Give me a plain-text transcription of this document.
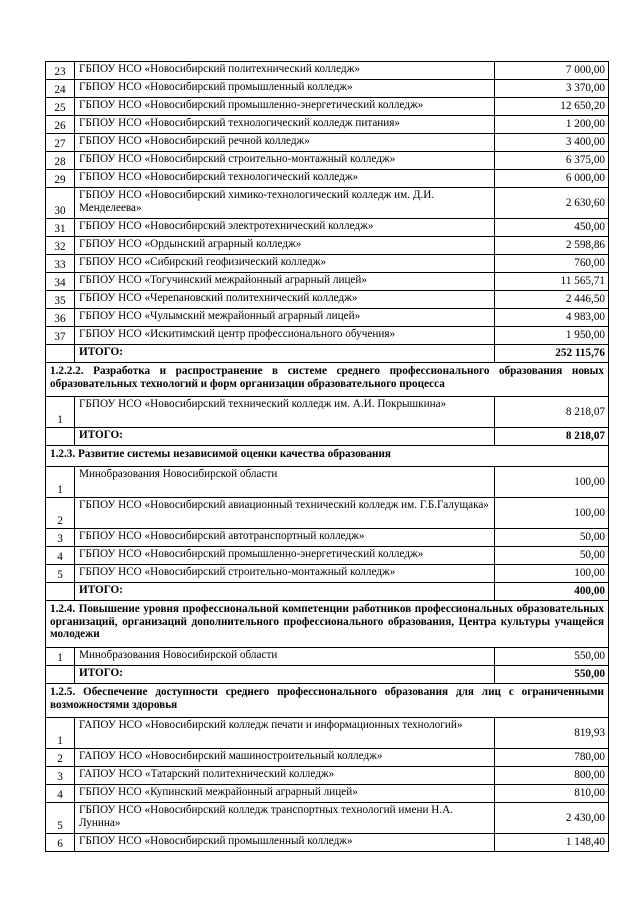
23	ГБПОУ НСО «Новосибирский политехнический колледж»	7 000,00
24	ГБПОУ НСО «Новосибирский промышленный колледж»	3 370,00
25	ГБПОУ НСО «Новосибирский промышленно-энергетический колледж»	12 650,20
26	ГБПОУ НСО «Новосибирский технологический колледж питания»	1 200,00
27	ГБПОУ НСО «Новосибирский речной колледж»	3 400,00
28	ГБПОУ НСО «Новосибирский строительно-монтажный колледж»	6 375,00
29	ГБПОУ НСО «Новосибирский технологический колледж»	6 000,00
30	ГБПОУ НСО «Новосибирский химико-технологический колледж им. Д.И. Менделеева»	2 630,60
31	ГБПОУ НСО «Новосибирский электротехнический колледж»	450,00
32	ГБПОУ НСО «Ордынский аграрный колледж»	2 598,86
33	ГБПОУ НСО «Сибирский геофизический колледж»	760,00
34	ГБПОУ НСО «Тогучинский межрайонный аграрный лицей»	11 565,71
35	ГБПОУ НСО «Черепановский политехнический колледж»	2 446,50
36	ГБПОУ НСО «Чулымский межрайонный аграрный лицей»	4 983,00
37	ГБПОУ НСО «Искитимский центр профессионального обучения»	1 950,00
	ИТОГО:	252 115,76
1.2.2.2. Разработка и распространение в системе среднего профессионального образования новых образовательных технологий и форм организации образовательного процесса		
1	ГБПОУ НСО «Новосибирский технический колледж им. А.И. Покрышкина»	8 218,07
	ИТОГО:	8 218,07
1.2.3. Развитие системы независимой оценки качества образования		
1	Минобразования Новосибирской области	100,00
2	ГБПОУ НСО «Новосибирский авиационный технический колледж им. Г.Б.Галущака»	100,00
3	ГБПОУ НСО «Новосибирский автотранспортный колледж»	50,00
4	ГБПОУ НСО «Новосибирский промышленно-энергетический колледж»	50,00
5	ГБПОУ НСО «Новосибирский строительно-монтажный колледж»	100,00
	ИТОГО:	400,00
1.2.4. Повышение уровня профессиональной компетенции работников профессиональных образовательных организаций, организаций дополнительного профессионального образования, Центра культуры учащейся молодежи		
1	Минобразования Новосибирской области	550,00
	ИТОГО:	550,00
1.2.5. Обеспечение доступности среднего профессионального образования для лиц с ограниченными возможностями здоровья		
1	ГАПОУ НСО «Новосибирский колледж печати и информационных технологий»	819,93
2	ГАПОУ НСО «Новосибирский машиностроительный колледж»	780,00
3	ГАПОУ НСО «Татарский политехнический колледж»	800,00
4	ГБПОУ НСО «Купинский межрайонный аграрный лицей»	810,00
5	ГБПОУ НСО «Новосибирский колледж транспортных технологий имени Н.А. Лунина»	2 430,00
6	ГБПОУ НСО «Новосибирский промышленный колледж»	1 148,40
